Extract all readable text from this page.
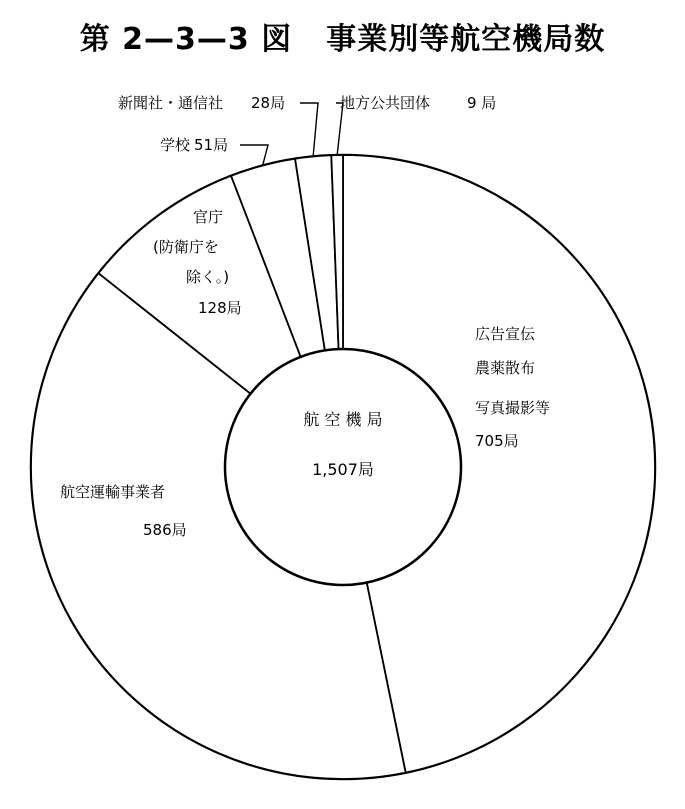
第 2—3—3 図 事業別等航空機局数
航 空 機 局
1,507局
広告宣伝
農薬散布
写真撮影等
705局
航空運輸事業者
586局
官庁
(防衛庁を
除く。)
128局
学校 51局
新聞社・通信社 28局	地方公共団体 9 局
